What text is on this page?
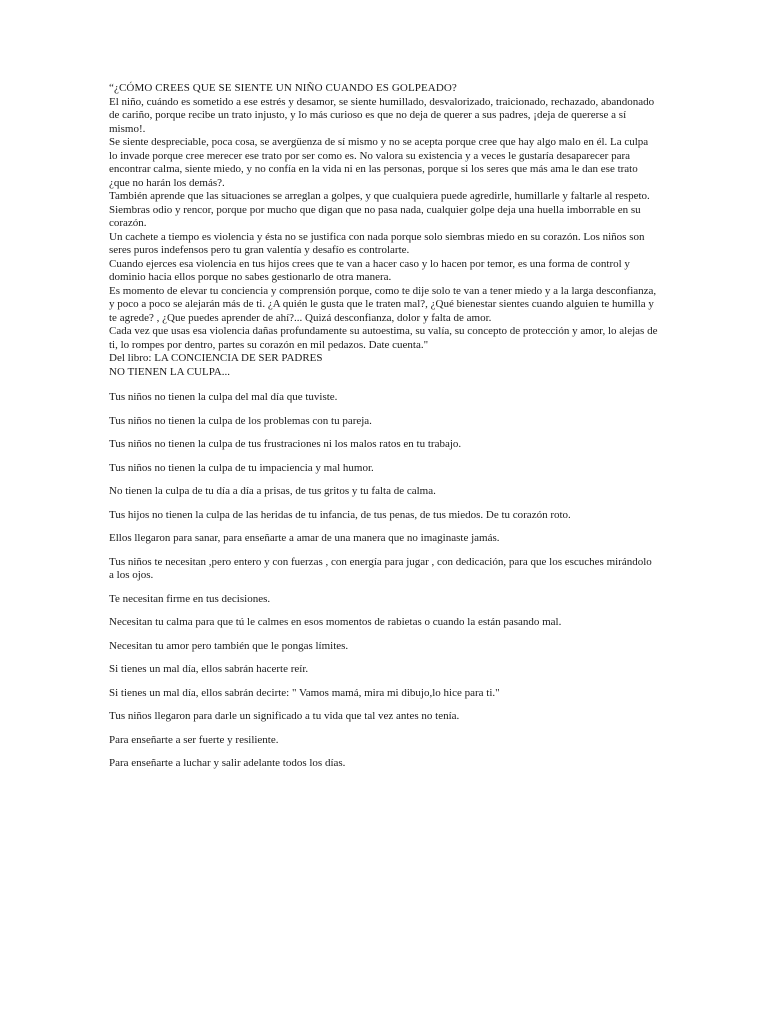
“¿CÓMO CREES QUE SE SIENTE UN NIÑO CUANDO ES GOLPEADO?

El niño, cuándo es sometido a ese estrés y desamor, se siente humillado, desvalorizado, traicionado, rechazado, abandonado de cariño, porque recibe un trato injusto, y lo más curioso es que no deja de querer a sus padres, ¡deja de quererse a sí mismo!.

Se siente despreciable, poca cosa, se avergüenza de sí mismo y no se acepta porque cree que hay algo malo en él. La culpa lo invade porque cree merecer ese trato por ser como es. No valora su existencia y a veces le gustaría desaparecer para encontrar calma, siente miedo, y no confía en la vida ni en las personas, porque si los seres que más ama le dan ese trato ¿que no harán los demás?.

También aprende que las situaciones se arreglan a golpes, y que cualquiera puede agredirle, humillarle y faltarle al respeto. Siembras odio y rencor, porque por mucho que digan que no pasa nada, cualquier golpe deja una huella imborrable en su corazón.

Un cachete a tiempo es violencia y ésta no se justifica con nada porque solo siembras miedo en su corazón. Los niños son seres puros indefensos pero tu gran valentía y desafío es controlarte.

Cuando ejerces esa violencia en tus hijos crees que te van a hacer caso y lo hacen por temor, es una forma de control y dominio hacia ellos porque no sabes gestionarlo de otra manera.

Es momento de elevar tu conciencia y comprensión porque, como te dije solo te van a tener miedo y a la larga desconfianza, y poco a poco se alejarán más de ti. ¿A quién le gusta que le traten mal?, ¿Qué bienestar sientes cuando alguien te humilla y te agrede? , ¿Que puedes aprender de ahí?... Quizá desconfianza, dolor y falta de amor.

Cada vez que usas esa violencia dañas profundamente su autoestima, su valía, su concepto de protección y amor, lo alejas de ti, lo rompes por dentro, partes su corazón en mil pedazos. Date cuenta."

Del libro: LA CONCIENCIA DE SER PADRES

NO TIENEN LA CULPA...

Tus niños no tienen la culpa del mal día que tuviste.

Tus niños no tienen la culpa de los problemas con tu pareja.

Tus niños no tienen la culpa de tus frustraciones ni los malos ratos en tu trabajo.

Tus niños no tienen la culpa de tu impaciencia y mal humor.

No tienen la culpa de tu día a día a prisas, de tus gritos y tu falta de calma.

Tus hijos no tienen la culpa de las heridas de tu infancia, de tus penas, de tus miedos. De tu corazón roto.

Ellos llegaron para sanar, para enseñarte a amar de una manera que no imaginaste jamás.

Tus niños te necesitan ,pero entero y con fuerzas , con energía para jugar , con dedicación, para que los escuches mirándolo a los ojos.

Te necesitan firme en tus decisiones.

Necesitan tu calma para que tú le calmes en esos momentos de rabietas o cuando la están pasando mal.

Necesitan tu amor pero también que le pongas límites.

Si tienes un mal día, ellos sabrán hacerte reír.

Si tienes un mal día, ellos sabrán decirte: " Vamos mamá, mira mi dibujo,lo hice para ti."

Tus niños llegaron para darle un significado a tu vida que tal vez antes no tenía.

Para enseñarte a ser fuerte y resiliente.

Para enseñarte a luchar y salir adelante todos los días.
